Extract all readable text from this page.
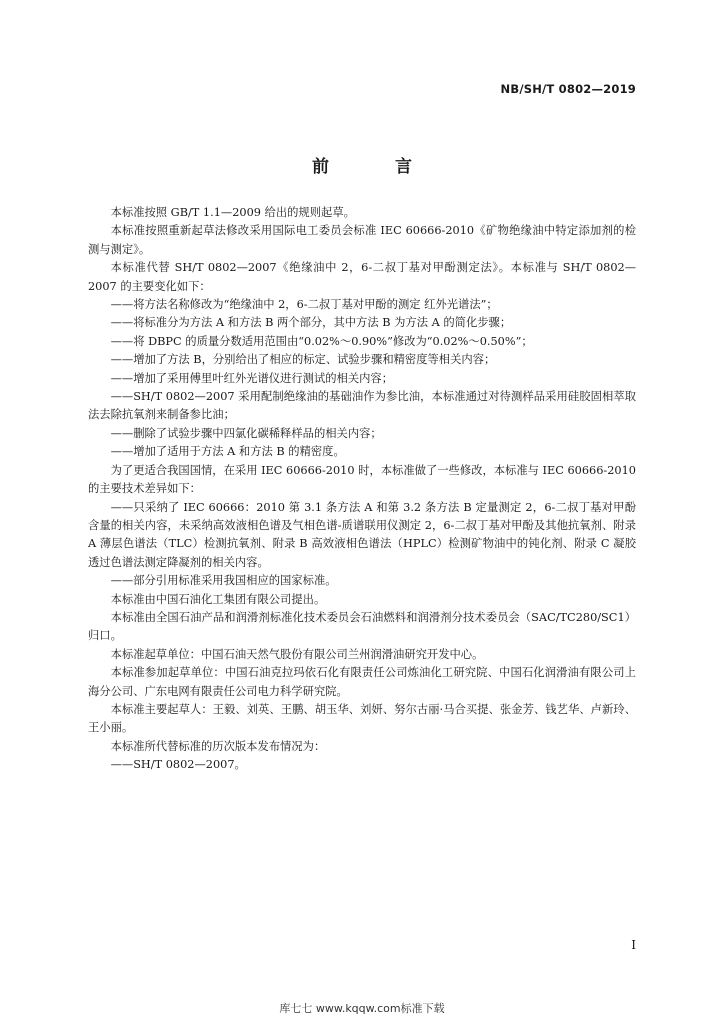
NB/SH/T 0802—2019
前 言

本标准按照 GB/T 1.1—2009 给出的规则起草。

本标准按照重新起草法修改采用国际电工委员会标准 IEC 60666-2010《矿物绝缘油中特定添加剂的检测与测定》。

本标准代替 SH/T 0802—2007《绝缘油中 2，6-二叔丁基对甲酚测定法》。本标准与 SH/T 0802—2007 的主要变化如下：

——将方法名称修改为“绝缘油中 2，6-二叔丁基对甲酚的测定 红外光谱法”；

——将标准分为方法 A 和方法 B 两个部分，其中方法 B 为方法 A 的简化步骤；

——将 DBPC 的质量分数适用范围由“0.02%～0.90%”修改为“0.02%～0.50%”；

——增加了方法 B，分别给出了相应的标定、试验步骤和精密度等相关内容；

——增加了采用傅里叶红外光谱仪进行测试的相关内容；

——SH/T 0802—2007 采用配制绝缘油的基础油作为参比油，本标准通过对待测样品采用硅胶固相萃取法去除抗氧剂来制备参比油；

——删除了试验步骤中四氯化碳稀释样品的相关内容；

——增加了适用于方法 A 和方法 B 的精密度。

为了更适合我国国情，在采用 IEC 60666-2010 时，本标准做了一些修改，本标准与 IEC 60666-2010 的主要技术差异如下：

——只采纳了 IEC 60666：2010 第 3.1 条方法 A 和第 3.2 条方法 B 定量测定 2，6-二叔丁基对甲酚含量的相关内容，未采纳高效液相色谱及气相色谱-质谱联用仪测定 2，6-二叔丁基对甲酚及其他抗氧剂、附录 A 薄层色谱法（TLC）检测抗氧剂、附录 B 高效液相色谱法（HPLC）检测矿物油中的钝化剂、附录 C 凝胶透过色谱法测定降凝剂的相关内容。

——部分引用标准采用我国相应的国家标准。

本标准由中国石油化工集团有限公司提出。

本标准由全国石油产品和润滑剂标准化技术委员会石油燃料和润滑剂分技术委员会（SAC/TC280/SC1）归口。

本标准起草单位：中国石油天然气股份有限公司兰州润滑油研究开发中心。

本标准参加起草单位：中国石油克拉玛依石化有限责任公司炼油化工研究院、中国石化润滑油有限公司上海分公司、广东电网有限责任公司电力科学研究院。

本标准主要起草人：王毅、刘英、王鹏、胡玉华、刘妍、努尔古丽·马合买提、张金芳、钱艺华、卢新玲、王小丽。

本标准所代替标准的历次版本发布情况为：

——SH/T 0802—2007。

I
库七七 www.kqqw.com标准下载
